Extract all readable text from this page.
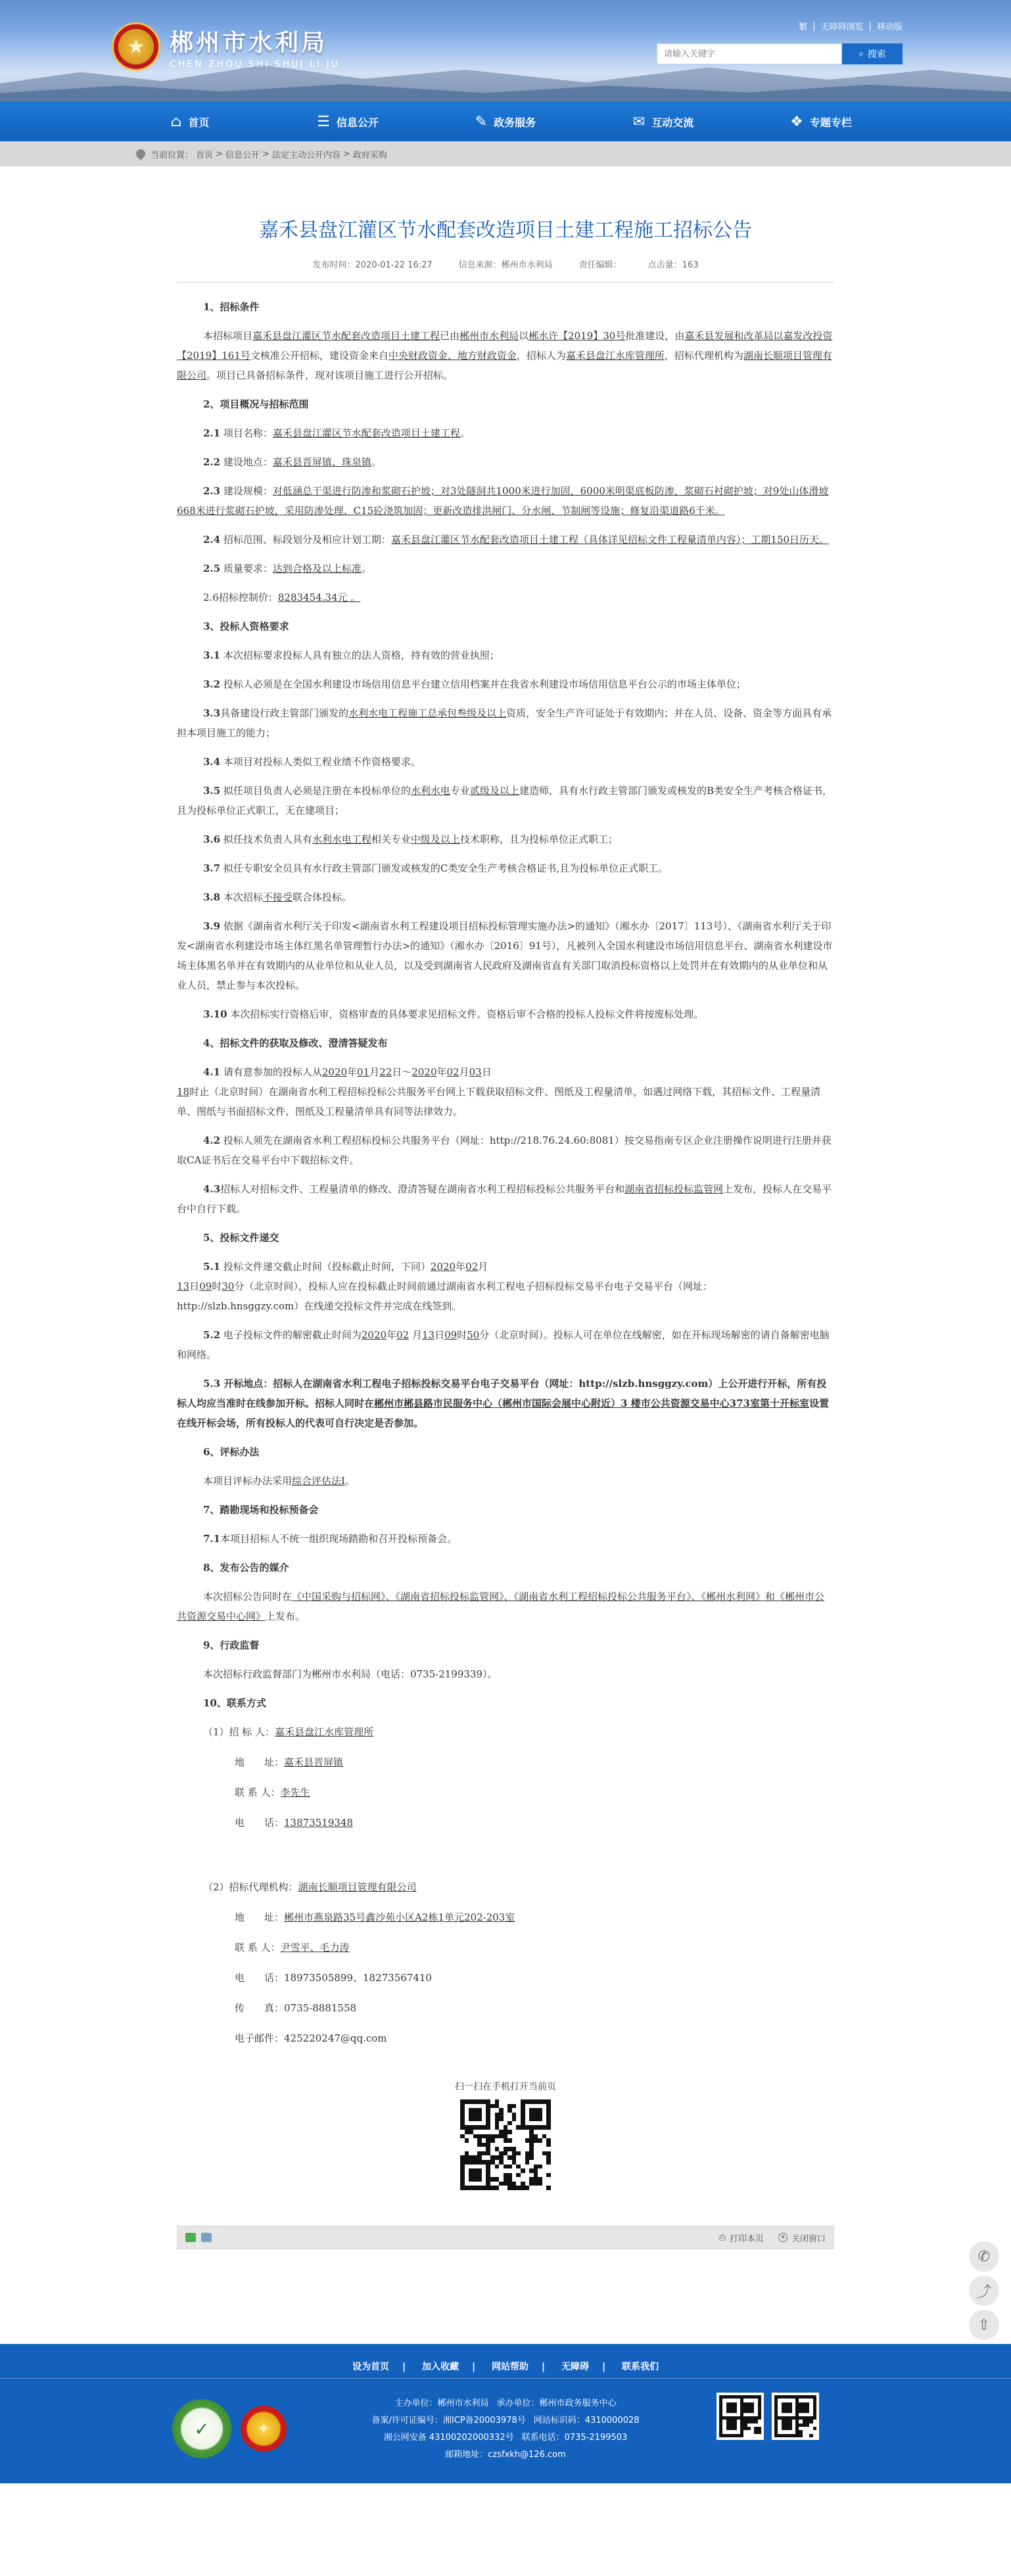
★	郴州市水利局
CHEN ZHOU SHI SHUI LI JU
繁 | 无障碍浏览 | 移动版
请输入关键字
⌕ 搜索
⌂ 首页	☰ 信息公开	✎ 政务服务	✉ 互动交流	❖ 专题专栏
当前位置： 首页 > 信息公开 > 法定主动公开内容 > 政府采购
嘉禾县盘江灌区节水配套改造项目土建工程施工招标公告
发布时间：2020-01-22 16:27	信息来源：郴州市水利局	责任编辑：	点击量：163

1、招标条件

本招标项目嘉禾县盘江灌区节水配套改造项目土建工程已由郴州市水利局以郴水许【2019】30号批准建设，由嘉禾县发展和改革局以嘉发改投资【2019】161号文核准公开招标，建设资金来自中央财政资金、地方财政资金，招标人为嘉禾县盘江水库管理所，招标代理机构为湖南长顺项目管理有限公司。项目已具备招标条件，现对该项目施工进行公开招标。

2、项目概况与招标范围

2.1 项目名称：嘉禾县盘江灌区节水配套改造项目土建工程。

2.2 建设地点：嘉禾县晋屏镇、珠泉镇。

2.3 建设规模：对低涵总干渠进行防渗和浆砌石护坡；对3处隧洞共1000米进行加固，6000米明渠底板防渗，浆砌石衬砌护坡；对9处山体滑坡668米进行浆砌石护坡，采用防渗处理、C15砼浇筑加固；更新改造排洪闸门、分水闸、节制闸等设施；修复沿渠道路6千米。

2.4 招标范围、标段划分及相应计划工期：嘉禾县盘江灌区节水配套改造项目土建工程（具体详见招标文件工程量清单内容）；工期150日历天。

2.5 质量要求：达到合格及以上标准。

2.6招标控制价：8283454.34元 。

3、投标人资格要求

3.1 本次招标要求投标人具有独立的法人资格，持有效的营业执照；

3.2 投标人必须是在全国水利建设市场信用信息平台建立信用档案并在我省水利建设市场信用信息平台公示的市场主体单位；

3.3具备建设行政主管部门颁发的水利水电工程施工总承包叁级及以上资质，安全生产许可证处于有效期内；并在人员、设备、资金等方面具有承担本项目施工的能力；

3.4 本项目对投标人类似工程业绩不作资格要求。

3.5 拟任项目负责人必须是注册在本投标单位的水利水电专业贰级及以上建造师，具有水行政主管部门颁发或核发的B类安全生产考核合格证书，且为投标单位正式职工，无在建项目；

3.6 拟任技术负责人具有水利水电工程相关专业中级及以上技术职称，且为投标单位正式职工；

3.7 拟任专职安全员具有水行政主管部门颁发或核发的C类安全生产考核合格证书,且为投标单位正式职工。

3.8 本次招标不接受联合体投标。

3.9 依据《湖南省水利厅关于印发<湖南省水利工程建设项目招标投标管理实施办法>的通知》（湘水办〔2017〕113号）、《湖南省水利厅关于印发<湖南省水利建设市场主体红黑名单管理暂行办法>的通知》（湘水办〔2016〕91号），凡被列入全国水利建设市场信用信息平台、湖南省水利建设市场主体黑名单并在有效期内的从业单位和从业人员，以及受到湖南省人民政府及湖南省直有关部门取消投标资格以上处罚并在有效期内的从业单位和从业人员，禁止参与本次投标。

3.10 本次招标实行资格后审，资格审查的具体要求见招标文件。资格后审不合格的投标人投标文件将按废标处理。

4、招标文件的获取及修改、澄清答疑发布

4.1 请有意参加的投标人从2020年01月22日～2020年02月03日

18时止（北京时间）在湖南省水利工程招标投标公共服务平台网上下载获取招标文件、图纸及工程量清单，如遇过网络下载，其招标文件、工程量清单、图纸与书面招标文件、图纸及工程量清单具有同等法律效力。

4.2 投标人须先在湖南省水利工程招标投标公共服务平台（网址：http://218.76.24.60:8081）按交易指南专区企业注册操作说明进行注册并获取CA证书后在交易平台中下载招标文件。

4.3招标人对招标文件、工程量清单的修改、澄清答疑在湖南省水利工程招标投标公共服务平台和湖南省招标投标监管网上发布，投标人在交易平台中自行下载。

5、投标文件递交

5.1 投标文件递交截止时间（投标截止时间，下同）2020年02月

13日09时30分（北京时间），投标人应在投标截止时间前通过湖南省水利工程电子招标投标交易平台电子交易平台（网址：http://slzb.hnsggzy.com）在线递交投标文件并完成在线签到。

5.2 电子投标文件的解密截止时间为2020年02 月13日09时50分（北京时间）。投标人可在单位在线解密，如在开标现场解密的请自备解密电脑和网络。

5.3 开标地点：招标人在湖南省水利工程电子招标投标交易平台电子交易平台（网址：http://slzb.hnsggzy.com）上公开进行开标，所有投标人均应当准时在线参加开标。招标人同时在郴州市郴县路市民服务中心（郴州市国际会展中心附近）3 楼市公共资源交易中心373室第十开标室设置在线开标会场，所有投标人的代表可自行决定是否参加。

6、评标办法

本项目评标办法采用综合评估法Ⅰ。

7、踏勘现场和投标预备会

7.1本项目招标人不统一组织现场踏勘和召开投标预备会。

8、发布公告的媒介

本次招标公告同时在《中国采购与招标网》、《湖南省招标投标监管网》、《湖南省水利工程招标投标公共服务平台》、《郴州水利网》和《郴州市公共资源交易中心网》上发布。

9、行政监督

本次招标行政监督部门为郴州市水利局（电话：0735-2199339）。

10、联系方式

（1）招 标 人：嘉禾县盘江水库管理所

地　　址：嘉禾县晋屏镇

联 系 人：李先生

电　　话：13873519348

（2）招标代理机构：湖南长顺项目管理有限公司

地　　址：郴州市燕泉路35号鑫沙苑小区A2栋1单元202-203室

联 系 人：尹雪平、毛力涛

电　　话：18973505899、18273567410

传　　真：0735-8881558

电子邮件：425220247@qq.com

扫一扫在手机打开当前页
⎙ 打印本页	✕ 关闭窗口
✆
⤴
⇧
设为首页 | 加入收藏 | 网站帮助 | 无障碍 | 联系我们
✓	✦
主办单位：郴州市水利局 承办单位：郴州市政务服务中心
备案/许可证编号：湘ICP备20003978号 网站标识码：4310000028
湘公网安备 43100202000332号 联系电话：0735-2199503
邮箱地址：czsfxkh@126.com
